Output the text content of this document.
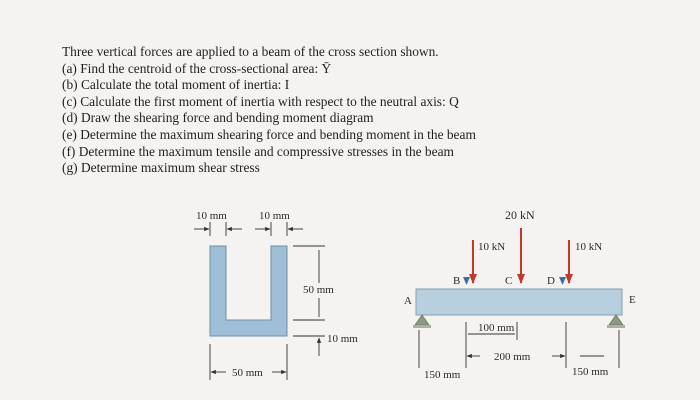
Three vertical forces are applied to a beam of the cross section shown.
(a) Find the centroid of the cross-sectional area: Ȳ
(b) Calculate the total moment of inertia: I
(c) Calculate the first moment of inertia with respect to the neutral axis: Q
(d) Draw the shearing force and bending moment diagram
(e) Determine the maximum shearing force and bending moment in the beam
(f) Determine the maximum tensile and compressive stresses in the beam
(g) Determine maximum shear stress
10 mm	10 mm
50 mm
10 mm
50 mm
20 kN
10 kN	10 kN
B	C	D
A	E
100 mm
200 mm
150 mm	150 mm
